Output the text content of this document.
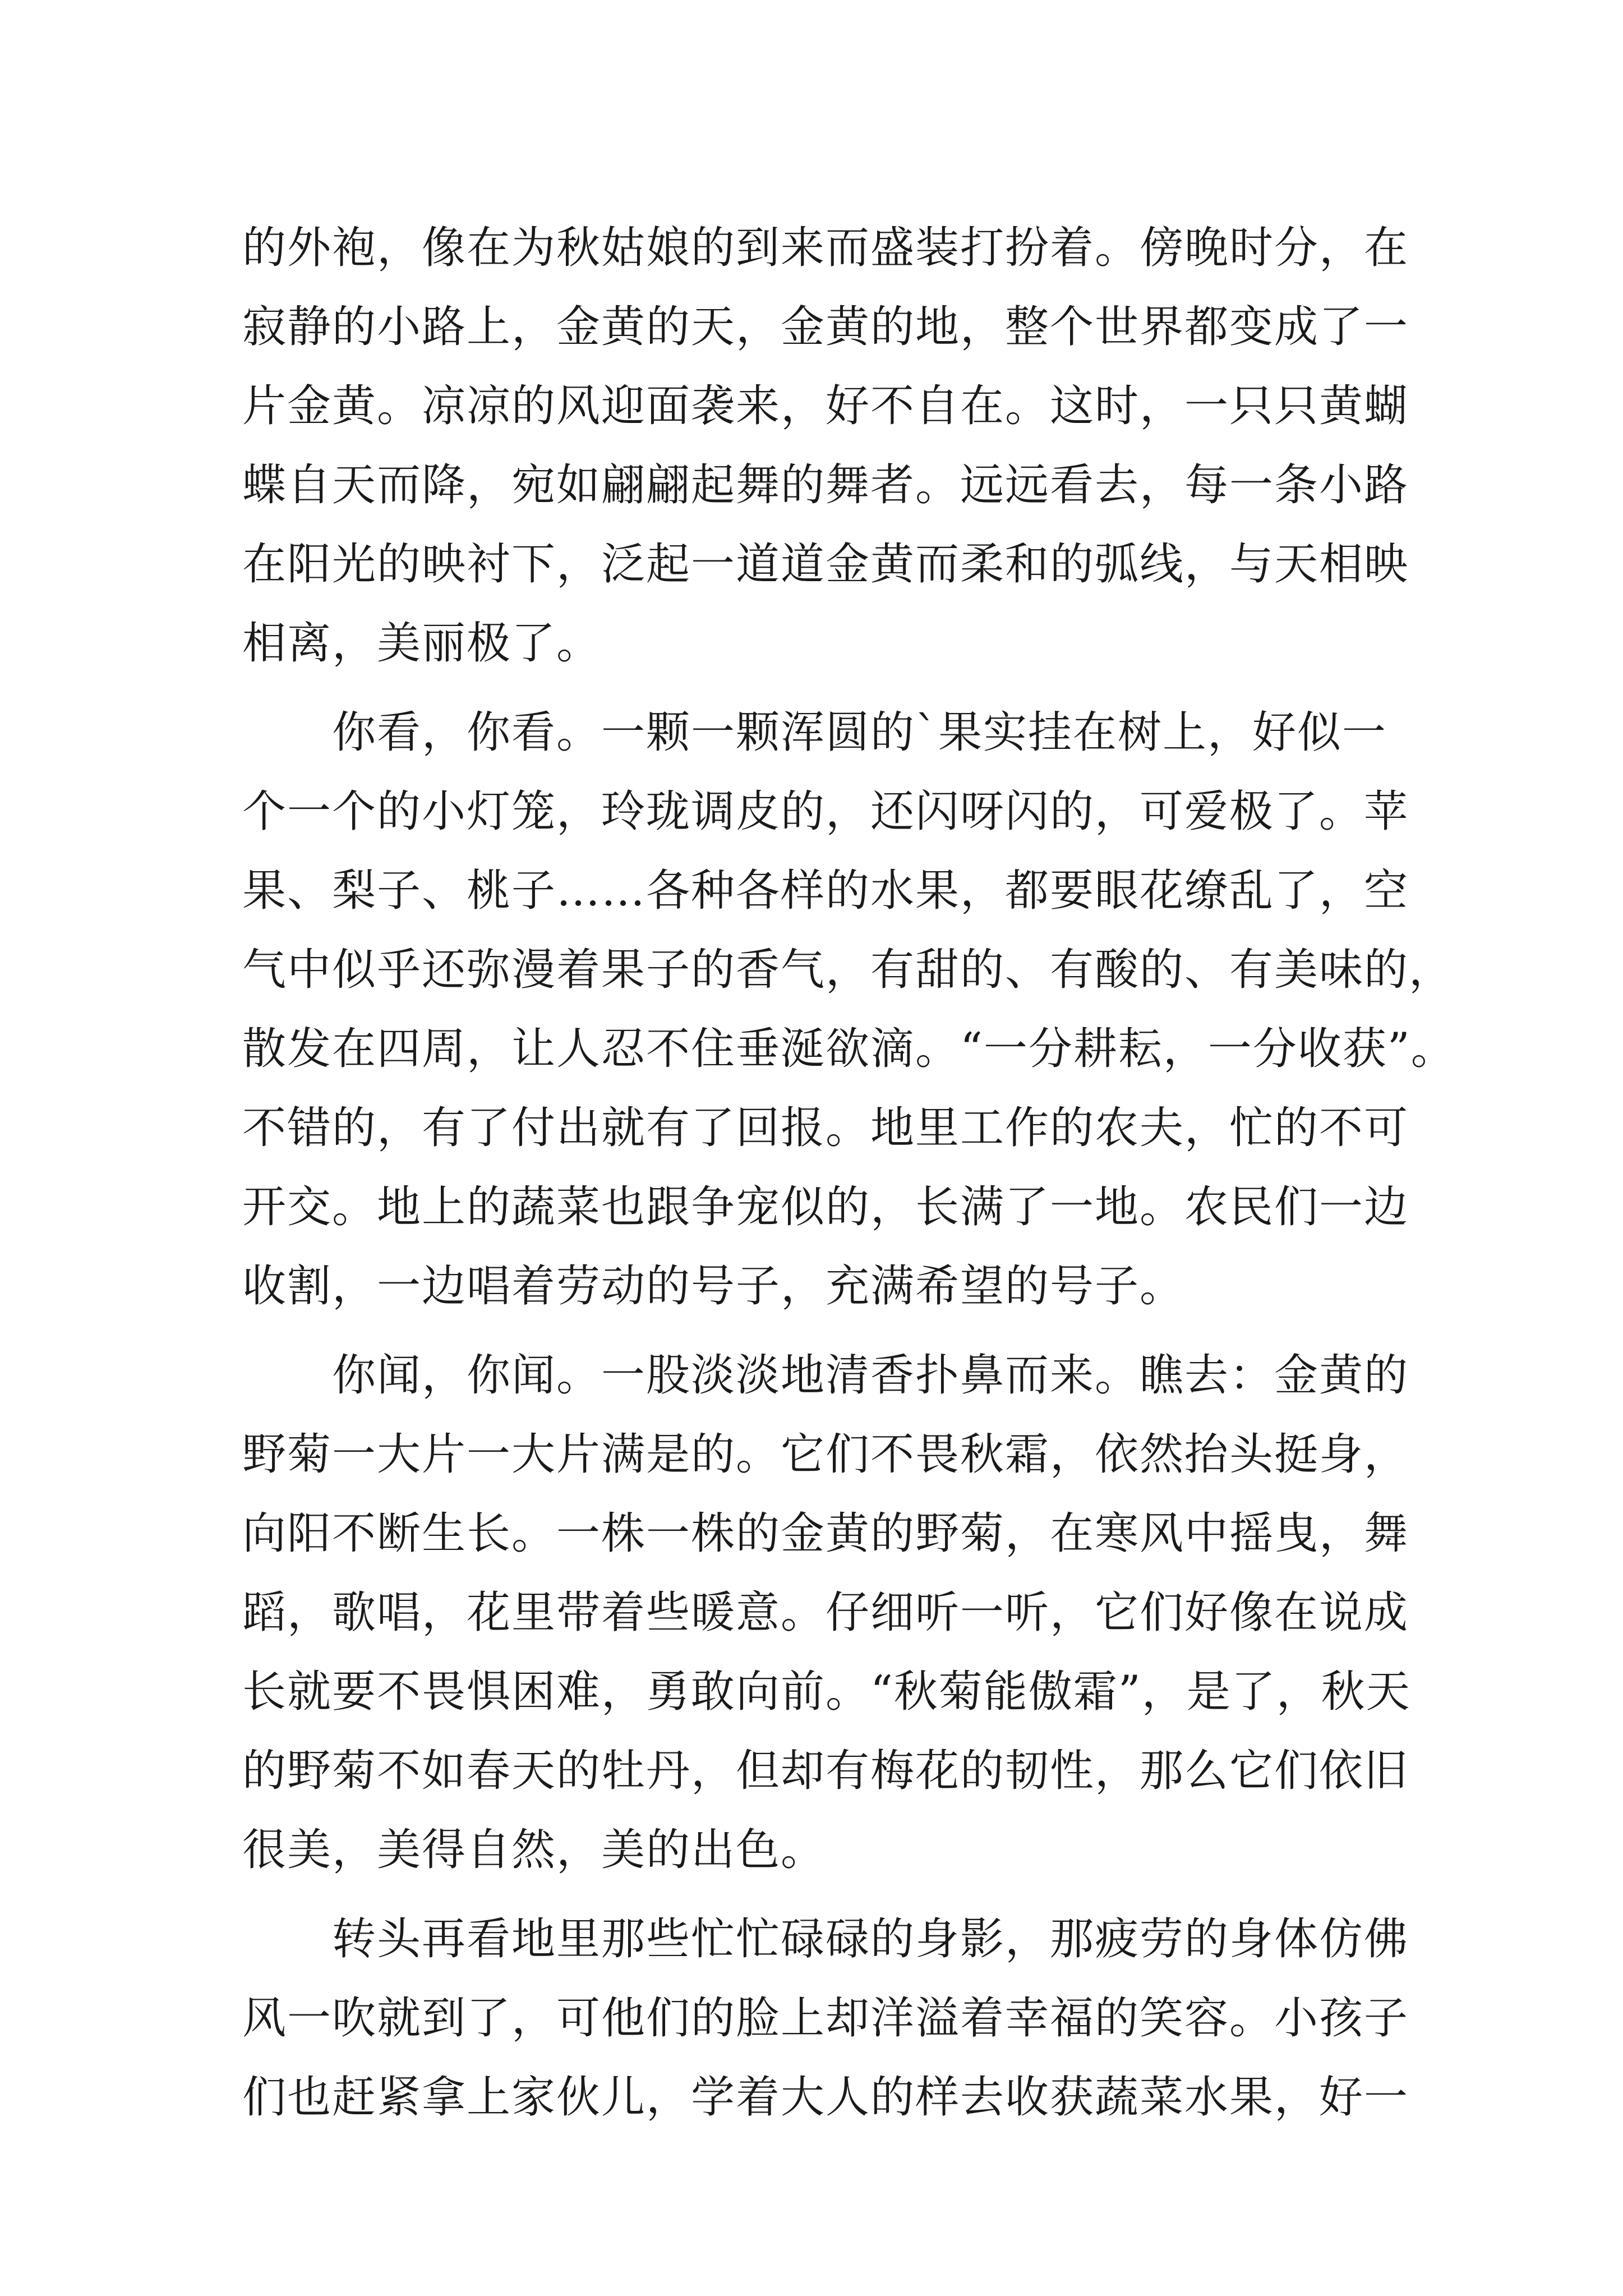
的外袍，像在为秋姑娘的到来而盛装打扮着。傍晚时分，在
寂静的小路上，金黄的天，金黄的地，整个世界都变成了一
片金黄。凉凉的风迎面袭来，好不自在。这时，一只只黄蝴
蝶自天而降，宛如翩翩起舞的舞者。远远看去，每一条小路
在阳光的映衬下，泛起一道道金黄而柔和的弧线，与天相映
相离，美丽极了。
你看，你看。一颗一颗浑圆的`果实挂在树上，好似一
个一个的小灯笼，玲珑调皮的，还闪呀闪的，可爱极了。苹
果、梨子、桃子……各种各样的水果，都要眼花缭乱了，空
气中似乎还弥漫着果子的香气，有甜的、有酸的、有美味的，
散发在四周，让人忍不住垂涎欲滴。“一分耕耘，一分收获”。
不错的，有了付出就有了回报。地里工作的农夫，忙的不可
开交。地上的蔬菜也跟争宠似的，长满了一地。农民们一边
收割，一边唱着劳动的号子，充满希望的号子。
你闻，你闻。一股淡淡地清香扑鼻而来。瞧去：金黄的
野菊一大片一大片满是的。它们不畏秋霜，依然抬头挺身，
向阳不断生长。一株一株的金黄的野菊，在寒风中摇曳，舞
蹈，歌唱，花里带着些暖意。仔细听一听，它们好像在说成
长就要不畏惧困难，勇敢向前。“秋菊能傲霜”，是了，秋天
的野菊不如春天的牡丹，但却有梅花的韧性，那么它们依旧
很美，美得自然，美的出色。
转头再看地里那些忙忙碌碌的身影，那疲劳的身体仿佛
风一吹就到了，可他们的脸上却洋溢着幸福的笑容。小孩子
们也赶紧拿上家伙儿，学着大人的样去收获蔬菜水果，好一
